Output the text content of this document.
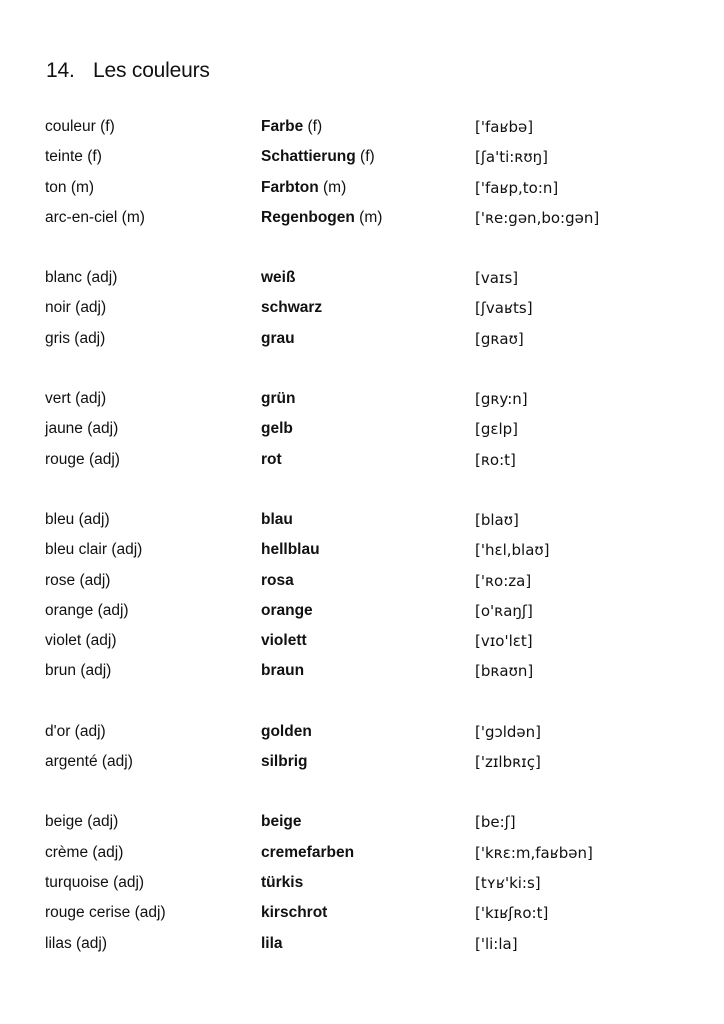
14. Les couleurs
couleur (f)	Farbe (f)	['faʁbə]
teinte (f)	Schattierung (f)	[ʃa'ti:ʀʊŋ]
ton (m)	Farbton (m)	['faʁp,to:n]
arc-en-ciel (m)	Regenbogen (m)	['ʀe:gən,bo:gən]
blanc (adj)	weiß	[vaɪs]
noir (adj)	schwarz	[ʃvaʁts]
gris (adj)	grau	[gʀaʊ]
vert (adj)	grün	[gʀy:n]
jaune (adj)	gelb	[gɛlp]
rouge (adj)	rot	[ʀo:t]
bleu (adj)	blau	[blaʊ]
bleu clair (adj)	hellblau	['hɛl,blaʊ]
rose (adj)	rosa	['ʀo:za]
orange (adj)	orange	[o'ʀaŋʃ]
violet (adj)	violett	[vɪo'lɛt]
brun (adj)	braun	[bʀaʊn]
d'or (adj)	golden	['gɔldən]
argenté (adj)	silbrig	['zɪlbʀɪç]
beige (adj)	beige	[be:ʃ]
crème (adj)	cremefarben	['kʀɛ:m,faʁbən]
turquoise (adj)	türkis	[tʏʁ'ki:s]
rouge cerise (adj)	kirschrot	['kɪʁʃʀo:t]
lilas (adj)	lila	['li:la]
